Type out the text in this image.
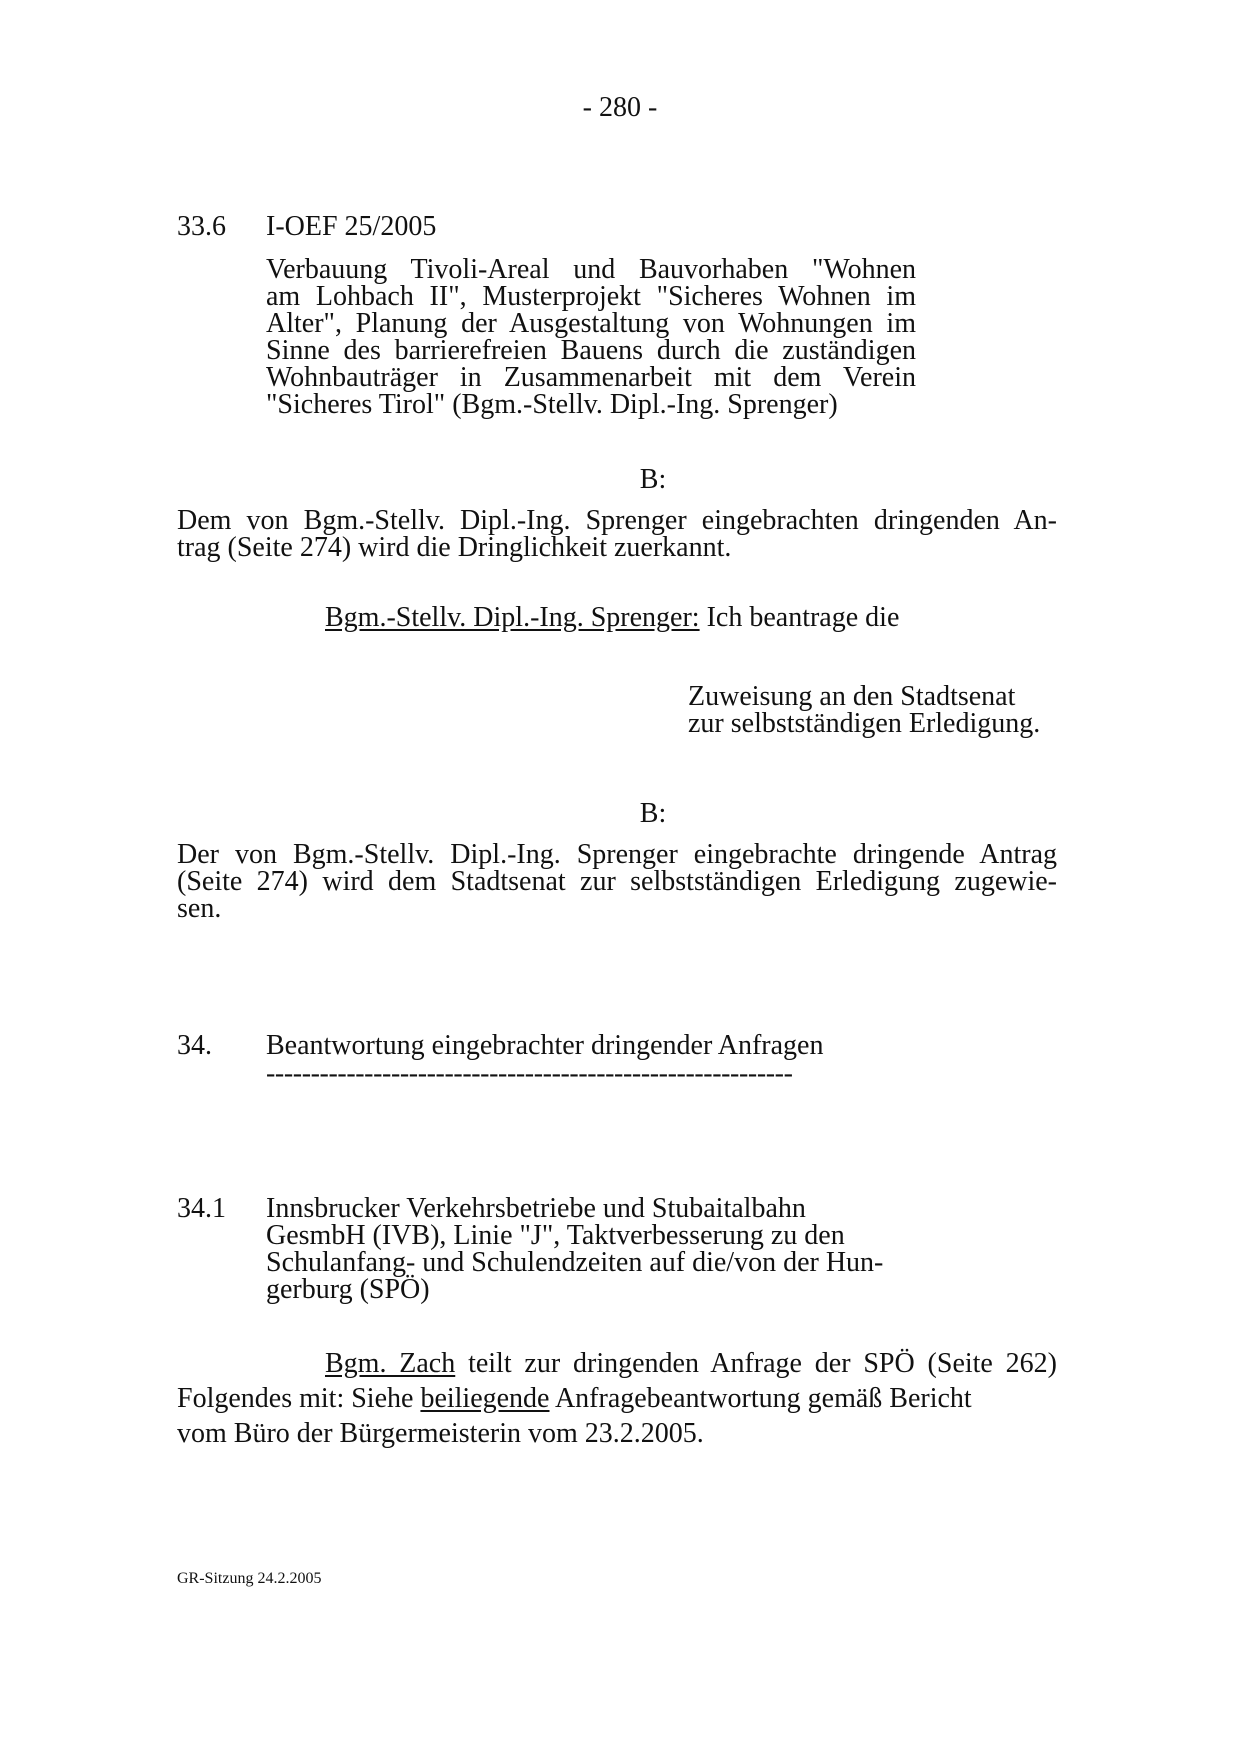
- 280 -
33.6 I-OEF 25/2005
Verbauung Tivoli-Areal und Bauvorhaben "Wohnen
am Lohbach II", Musterprojekt "Sicheres Wohnen im
Alter", Planung der Ausgestaltung von Wohnungen im
Sinne des barrierefreien Bauens durch die zuständigen
Wohnbauträger in Zusammenarbeit mit dem Verein
"Sicheres Tirol" (Bgm.-Stellv. Dipl.-Ing. Sprenger)
B:
Dem von Bgm.-Stellv. Dipl.-Ing. Sprenger eingebrachten dringenden An-
trag (Seite 274) wird die Dringlichkeit zuerkannt.
Bgm.-Stellv. Dipl.-Ing. Sprenger: Ich beantrage die
Zuweisung an den Stadtsenat
zur selbstständigen Erledigung.
B:
Der von Bgm.-Stellv. Dipl.-Ing. Sprenger eingebrachte dringende Antrag
(Seite 274) wird dem Stadtsenat zur selbstständigen Erledigung zugewie-
sen.
34. Beantwortung eingebrachter dringender Anfragen
-----------------------------------------------------------
34.1 Innsbrucker Verkehrsbetriebe und Stubaitalbahn
GesmbH (IVB), Linie "J", Taktverbesserung zu den
Schulanfang- und Schulendzeiten auf die/von der Hun-
gerburg (SPÖ)
Bgm. Zach teilt zur dringenden Anfrage der SPÖ (Seite 262)
Folgendes mit: Siehe beiliegende Anfragebeantwortung gemäß Bericht
vom Büro der Bürgermeisterin vom 23.2.2005.
GR-Sitzung 24.2.2005
